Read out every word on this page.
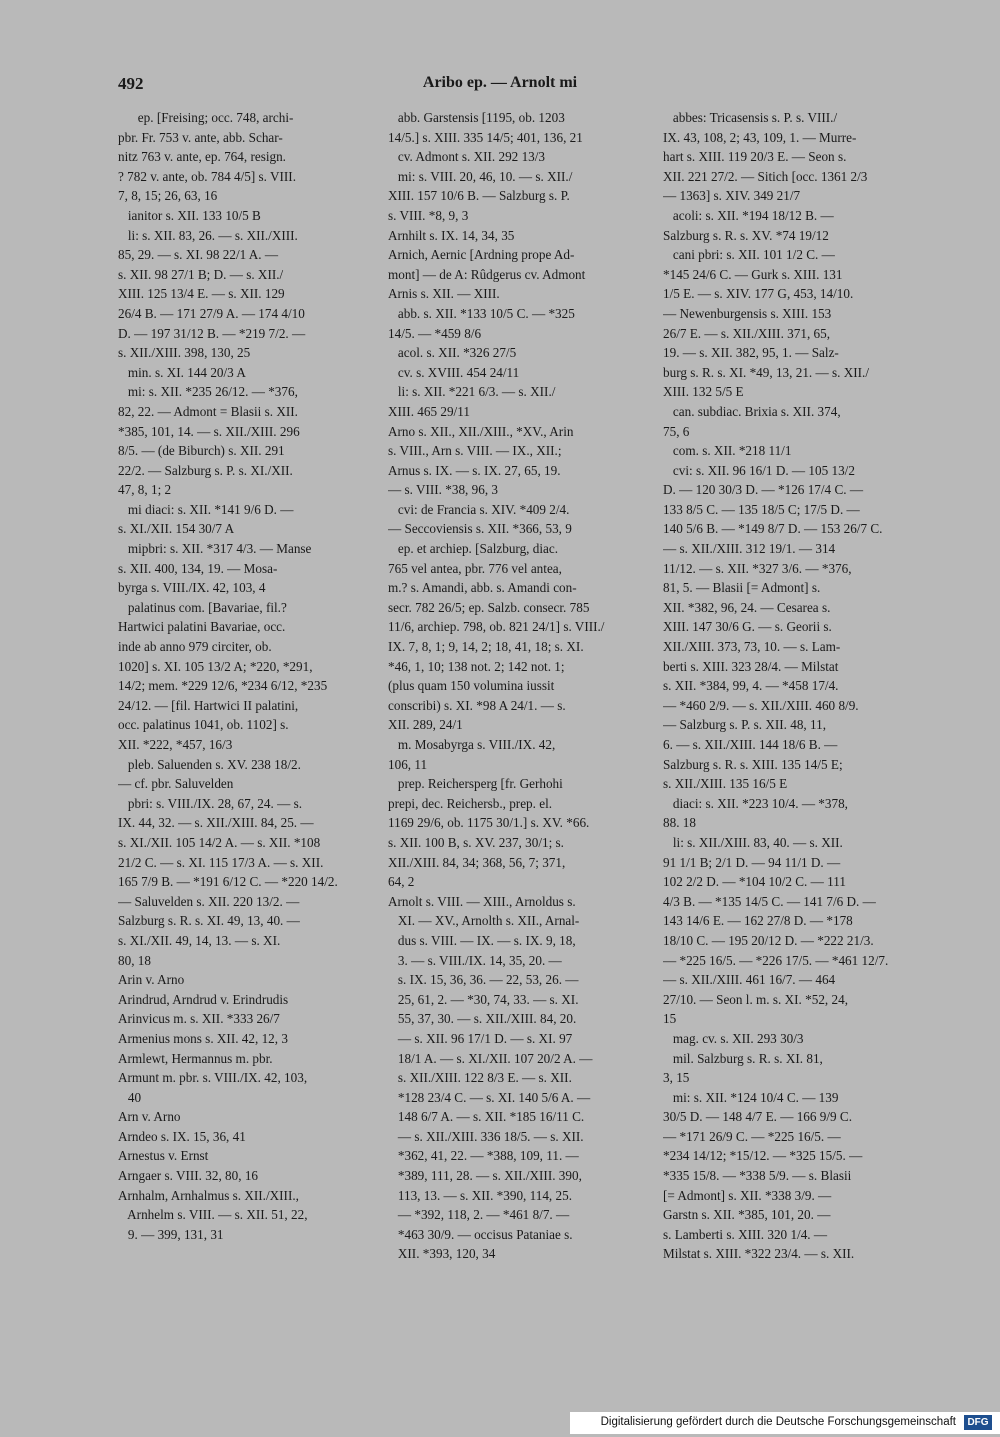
492	Aribo ep. — Arnolt mi
ep. [Freising; occ. 748, archi-
pbr. Fr. 753 v. ante, abb. Schar-
nitz 763 v. ante, ep. 764, resign.
? 782 v. ante, ob. 784 4/5] s. VIII.
7, 8, 15; 26, 63, 16
ianitor s. XII. 133 10/5 B
li: s. XII. 83, 26. — s. XII./XIII.
85, 29. — s. XI. 98 22/1 A. —
s. XII. 98 27/1 B; D. — s. XII./
XIII. 125 13/4 E. — s. XII. 129
26/4 B. — 171 27/9 A. — 174 4/10
D. — 197 31/12 B. — *219 7/2. —
s. XII./XIII. 398, 130, 25
min. s. XI. 144 20/3 A
mi: s. XII. *235 26/12. — *376,
82, 22. — Admont = Blasii s. XII.
*385, 101, 14. — s. XII./XIII. 296
8/5. — (de Biburch) s. XII. 291
22/2. — Salzburg s. P. s. XI./XII.
47, 8, 1; 2
mi diaci: s. XII. *141 9/6 D. —
s. XI./XII. 154 30/7 A
mipbri: s. XII. *317 4/3. — Manse
s. XII. 400, 134, 19. — Mosa-
byrga s. VIII./IX. 42, 103, 4
palatinus com. [Bavariae, fil.?
Hartwici palatini Bavariae, occ.
inde ab anno 979 circiter, ob.
1020] s. XI. 105 13/2 A; *220, *291,
14/2; mem. *229 12/6, *234 6/12, *235
24/12. — [fil. Hartwici II palatini,
occ. palatinus 1041, ob. 1102] s.
XII. *222, *457, 16/3
pleb. Saluenden s. XV. 238 18/2.
— cf. pbr. Saluvelden
pbri: s. VIII./IX. 28, 67, 24. — s.
IX. 44, 32. — s. XII./XIII. 84, 25. —
s. XI./XII. 105 14/2 A. — s. XII. *108
21/2 C. — s. XI. 115 17/3 A. — s. XII.
165 7/9 B. — *191 6/12 C. — *220 14/2.
— Saluvelden s. XII. 220 13/2. —
Salzburg s. R. s. XI. 49, 13, 40. —
s. XI./XII. 49, 14, 13. — s. XI.
80, 18
Arin v. Arno
Arindrud, Arndrud v. Erindrudis
Arinvicus m. s. XII. *333 26/7
Armenius mons s. XII. 42, 12, 3
Armlewt, Hermannus m. pbr.
Armunt m. pbr. s. VIII./IX. 42, 103,
40
Arn v. Arno
Arndeo s. IX. 15, 36, 41
Arnestus v. Ernst
Arngaer s. VIII. 32, 80, 16
Arnhalm, Arnhalmus s. XII./XIII.,
Arnhelm s. VIII. — s. XII. 51, 22,
9. — 399, 131, 31
abb. Garstensis [1195, ob. 1203
14/5.] s. XIII. 335 14/5; 401, 136, 21
cv. Admont s. XII. 292 13/3
mi: s. VIII. 20, 46, 10. — s. XII./
XIII. 157 10/6 B. — Salzburg s. P.
s. VIII. *8, 9, 3
Arnhilt s. IX. 14, 34, 35
Arnich, Aernic [Ardning prope Ad-
mont] — de A: Rûdgerus cv. Admont
Arnis s. XII. — XIII.
abb. s. XII. *133 10/5 C. — *325
14/5. — *459 8/6
acol. s. XII. *326 27/5
cv. s. XVIII. 454 24/11
li: s. XII. *221 6/3. — s. XII./
XIII. 465 29/11
Arno s. XII., XII./XIII., *XV., Arin
s. VIII., Arn s. VIII. — IX., XII.;
Arnus s. IX. — s. IX. 27, 65, 19.
— s. VIII. *38, 96, 3
cvi: de Francia s. XIV. *409 2/4.
— Seccoviensis s. XII. *366, 53, 9
ep. et archiep. [Salzburg, diac.
765 vel antea, pbr. 776 vel antea,
m.? s. Amandi, abb. s. Amandi con-
secr. 782 26/5; ep. Salzb. consecr. 785
11/6, archiep. 798, ob. 821 24/1] s. VIII./
IX. 7, 8, 1; 9, 14, 2; 18, 41, 18; s. XI.
*46, 1, 10; 138 not. 2; 142 not. 1;
(plus quam 150 volumina iussit
conscribi) s. XI. *98 A 24/1. — s.
XII. 289, 24/1
m. Mosabyrga s. VIII./IX. 42,
106, 11
prep. Reichersperg [fr. Gerhohi
prepi, dec. Reichersb., prep. el.
1169 29/6, ob. 1175 30/1.] s. XV. *66.
s. XII. 100 B, s. XV. 237, 30/1; s.
XII./XIII. 84, 34; 368, 56, 7; 371,
64, 2
Arnolt s. VIII. — XIII., Arnoldus s.
XI. — XV., Arnolth s. XII., Arnal-
dus s. VIII. — IX. — s. IX. 9, 18,
3. — s. VIII./IX. 14, 35, 20. —
s. IX. 15, 36, 36. — 22, 53, 26. —
25, 61, 2. — *30, 74, 33. — s. XI.
55, 37, 30. — s. XII./XIII. 84, 20.
— s. XII. 96 17/1 D. — s. XI. 97
18/1 A. — s. XI./XII. 107 20/2 A. —
s. XII./XIII. 122 8/3 E. — s. XII.
*128 23/4 C. — s. XI. 140 5/6 A. —
148 6/7 A. — s. XII. *185 16/11 C.
— s. XII./XIII. 336 18/5. — s. XII.
*362, 41, 22. — *388, 109, 11. —
*389, 111, 28. — s. XII./XIII. 390,
113, 13. — s. XII. *390, 114, 25.
— *392, 118, 2. — *461 8/7. —
*463 30/9. — occisus Pataniae s.
XII. *393, 120, 34
abbes: Tricasensis s. P. s. VIII./
IX. 43, 108, 2; 43, 109, 1. — Murre-
hart s. XIII. 119 20/3 E. — Seon s.
XII. 221 27/2. — Sitich [occ. 1361 2/3
— 1363] s. XIV. 349 21/7
acoli: s. XII. *194 18/12 B. —
Salzburg s. R. s. XV. *74 19/12
cani pbri: s. XII. 101 1/2 C. —
*145 24/6 C. — Gurk s. XIII. 131
1/5 E. — s. XIV. 177 G, 453, 14/10.
— Newenburgensis s. XIII. 153
26/7 E. — s. XII./XIII. 371, 65,
19. — s. XII. 382, 95, 1. — Salz-
burg s. R. s. XI. *49, 13, 21. — s. XII./
XIII. 132 5/5 E
can. subdiac. Brixia s. XII. 374,
75, 6
com. s. XII. *218 11/1
cvi: s. XII. 96 16/1 D. — 105 13/2
D. — 120 30/3 D. — *126 17/4 C. —
133 8/5 C. — 135 18/5 C; 17/5 D. —
140 5/6 B. — *149 8/7 D. — 153 26/7 C.
— s. XII./XIII. 312 19/1. — 314
11/12. — s. XII. *327 3/6. — *376,
81, 5. — Blasii [= Admont] s.
XII. *382, 96, 24. — Cesarea s.
XIII. 147 30/6 G. — s. Georii s.
XII./XIII. 373, 73, 10. — s. Lam-
berti s. XIII. 323 28/4. — Milstat
s. XII. *384, 99, 4. — *458 17/4.
— *460 2/9. — s. XII./XIII. 460 8/9.
— Salzburg s. P. s. XII. 48, 11,
6. — s. XII./XIII. 144 18/6 B. —
Salzburg s. R. s. XIII. 135 14/5 E;
s. XII./XIII. 135 16/5 E
diaci: s. XII. *223 10/4. — *378,
88. 18
li: s. XII./XIII. 83, 40. — s. XII.
91 1/1 B; 2/1 D. — 94 11/1 D. —
102 2/2 D. — *104 10/2 C. — 111
4/3 B. — *135 14/5 C. — 141 7/6 D. —
143 14/6 E. — 162 27/8 D. — *178
18/10 C. — 195 20/12 D. — *222 21/3.
— *225 16/5. — *226 17/5. — *461 12/7.
— s. XII./XIII. 461 16/7. — 464
27/10. — Seon l. m. s. XI. *52, 24,
15
mag. cv. s. XII. 293 30/3
mil. Salzburg s. R. s. XI. 81,
3, 15
mi: s. XII. *124 10/4 C. — 139
30/5 D. — 148 4/7 E. — 166 9/9 C.
— *171 26/9 C. — *225 16/5. —
*234 14/12; *15/12. — *325 15/5. —
*335 15/8. — *338 5/9. — s. Blasii
[= Admont] s. XII. *338 3/9. —
Garstn s. XII. *385, 101, 20. —
s. Lamberti s. XIII. 320 1/4. —
Milstat s. XIII. *322 23/4. — s. XII.
Digitalisierung gefördert durch die Deutsche Forschungsgemeinschaft	DFG
